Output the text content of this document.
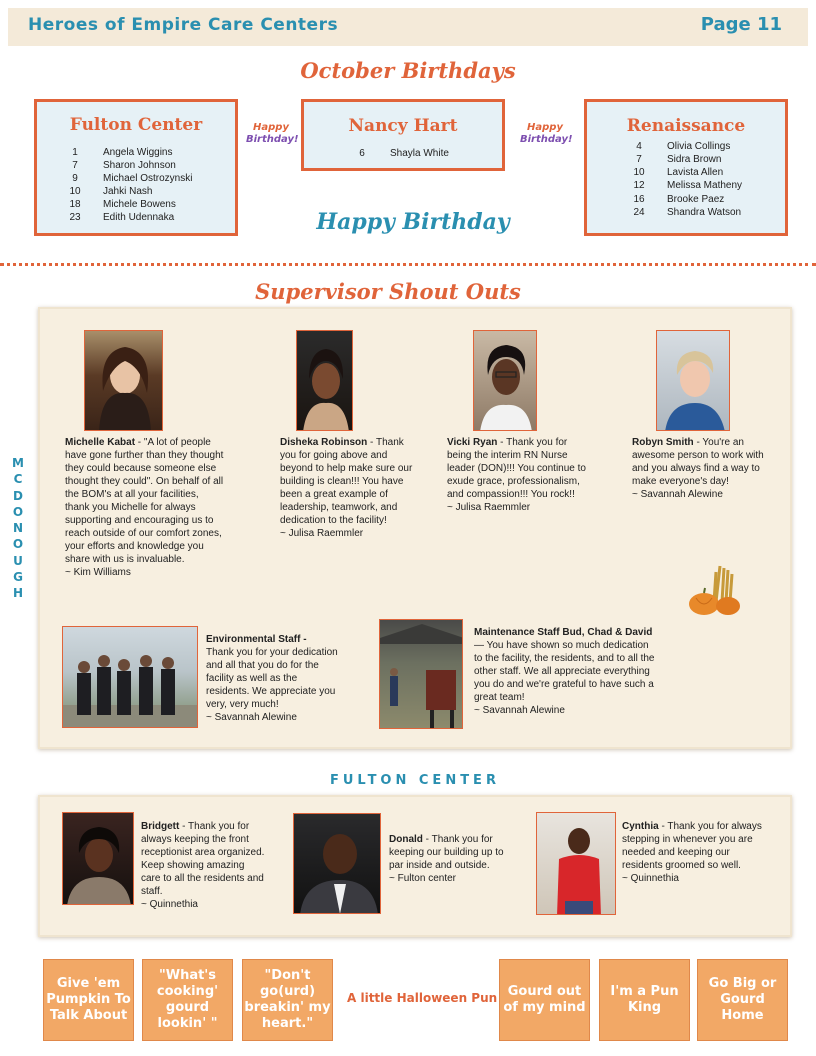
Heroes of Empire Care Centers	Page 11
October Birthdays
Fulton Center
1	Angela Wiggins
7	Sharon Johnson
9	Michael Ostrozynski
10 Jahki Nash
18 Michele Bowens
23 Edith Udennaka
Happy
Birthday!
Nancy Hart
6	Shayla White
Happy
Birthday!
Renaissance
4	Olivia Collings
7	Sidra Brown
10 Lavista Allen
12 Melissa Matheny
16 Brooke Paez
24 Shandra Watson
Happy Birthday
Supervisor Shout Outs
MCDONOUGH
Michelle Kabat - "A lot of people have gone further than they thought they could because someone else thought they could". On behalf of all the BOM's at all your facilities, thank you Michelle for always supporting and encouraging us to reach outside of our comfort zones, your efforts and knowledge you share with us is invaluable.
~ Kim Williams
Disheka Robinson - Thank you for going above and beyond to help make sure our building is clean!!! You have been a great example of leadership, teamwork, and dedication to the facility!
~ Julisa Raemmler
Vicki Ryan - Thank you for being the interim RN Nurse leader (DON)!!! You continue to exude grace, professionalism, and compassion!!! You rock!!
~ Julisa Raemmler
Robyn Smith - You're an awesome person to work with and you always find a way to make everyone's day!
~ Savannah Alewine
Environmental Staff -
Thank you for your dedication and all that you do for the facility as well as the residents. We appreciate you very, very much!
~ Savannah Alewine
Maintenance Staff Bud, Chad & David — You have shown so much dedication to the facility, the residents, and to all the other staff. We all appreciate everything you do and we're grateful to have such a great team!
~ Savannah Alewine
FULTON CENTER
Bridgett - Thank you for always keeping the front receptionist area organized. Keep showing amazing care to all the residents and staff.
~ Quinnethia
Donald - Thank you for keeping our building up to par inside and outside.
~ Fulton center
Cynthia - Thank you for always stepping in whenever you are needed and keeping our residents groomed so well.
~ Quinnethia
Give 'em Pumpkin To Talk About
"What's cooking' gourd lookin' "
"Don't go(urd) breakin' my heart."
A little Halloween Pun Gourd out of my mind
I'm a Pun King
Go Big or Gourd Home
